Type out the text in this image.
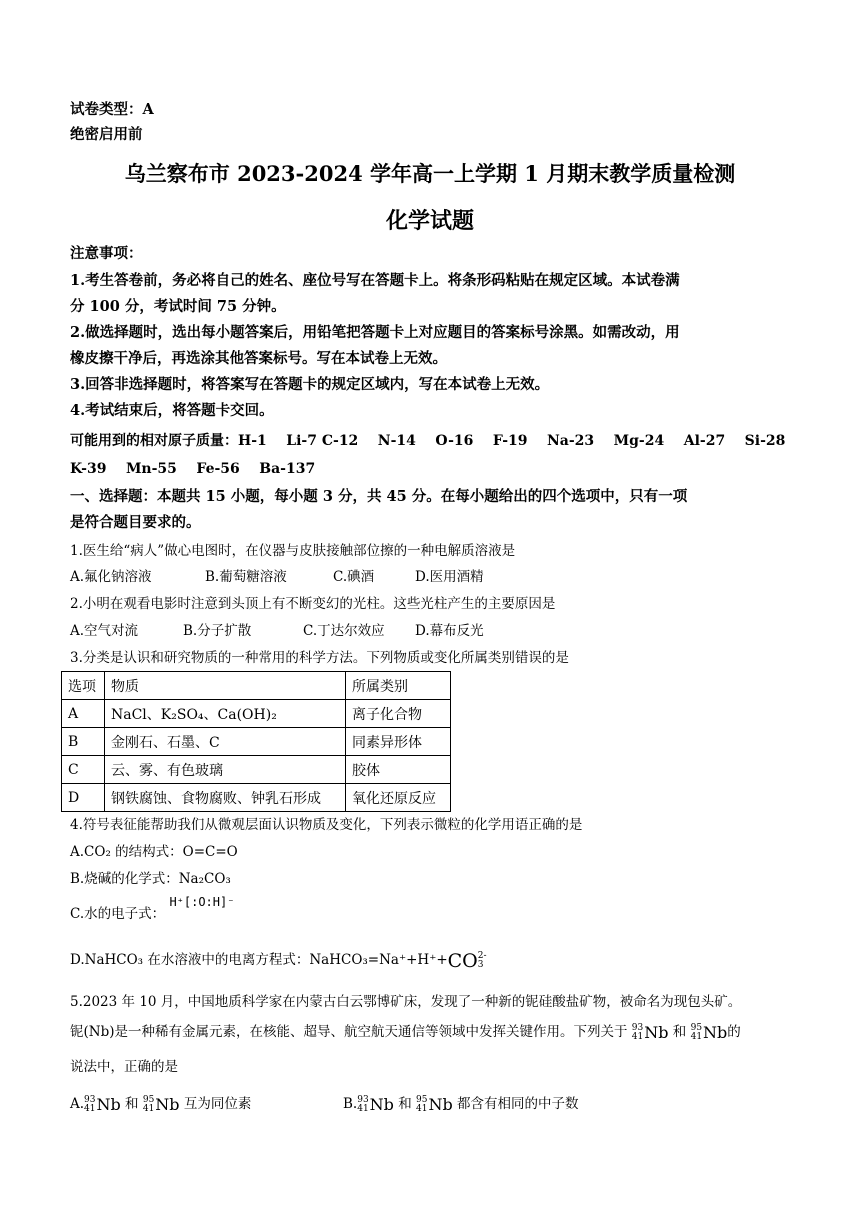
试卷类型：A
绝密启用前
乌兰察布市 2023-2024 学年高一上学期 1 月期末教学质量检测
化学试题
注意事项：
1.考生答卷前，务必将自己的姓名、座位号写在答题卡上。将条形码粘贴在规定区域。本试卷满
分 100 分，考试时间 75 分钟。
2.做选择题时，选出每小题答案后，用铅笔把答题卡上对应题目的答案标号涂黑。如需改动，用
橡皮擦干净后，再选涂其他答案标号。写在本试卷上无效。
3.回答非选择题时，将答案写在答题卡的规定区域内，写在本试卷上无效。
4.考试结束后，将答题卡交回。
可能用到的相对原子质量：H-1    Li-7 C-12    N-14    O-16    F-19    Na-23    Mg-24    Al-27    Si-28
K-39    Mn-55    Fe-56    Ba-137
一、选择题：本题共 15 小题，每小题 3 分，共 45 分。在每小题给出的四个选项中，只有一项
是符合题目要求的。
1.医生给“病人”做心电图时，在仪器与皮肤接触部位擦的一种电解质溶液是
A.氟化钠溶液	B.葡萄糖溶液	C.碘酒	D.医用酒精
2.小明在观看电影时注意到头顶上有不断变幻的光柱。这些光柱产生的主要原因是
A.空气对流	B.分子扩散	C.丁达尔效应 D.幕布反光
3.分类是认识和研究物质的一种常用的科学方法。下列物质或变化所属类别错误的是
选项	物质	所属类别
A	NaCl、K₂SO₄、Ca(OH)₂	离子化合物
B	金刚石、石墨、C	同素异形体
C	云、雾、有色玻璃	胶体
D	钢铁腐蚀、食物腐败、钟乳石形成	氧化还原反应
4.符号表征能帮助我们从微观层面认识物质及变化，下列表示微粒的化学用语正确的是
A.CO₂ 的结构式：O=C=O
B.烧碱的化学式：Na₂CO₃
C.水的电子式： H⁺[:O:H]⁻
D.NaHCO₃ 在水溶液中的电离方程式：NaHCO₃=Na⁺+H⁺+ CO 2-
3
5.2023 年 10 月，中国地质科学家在内蒙古白云鄂博矿床，发现了一种新的铌硅酸盐矿物，被命名为现包头矿。
铌(Nb)是一种稀有金属元素，在核能、超导、航空航天通信等领域中发挥关键作用。下列关于 93
41 Nb 和 95
41 Nb 的
说法中，正确的是
A. 93
41 Nb 和 95
41 Nb 互为同位素	B. 93
41 Nb 和 95
41 Nb 都含有相同的中子数
